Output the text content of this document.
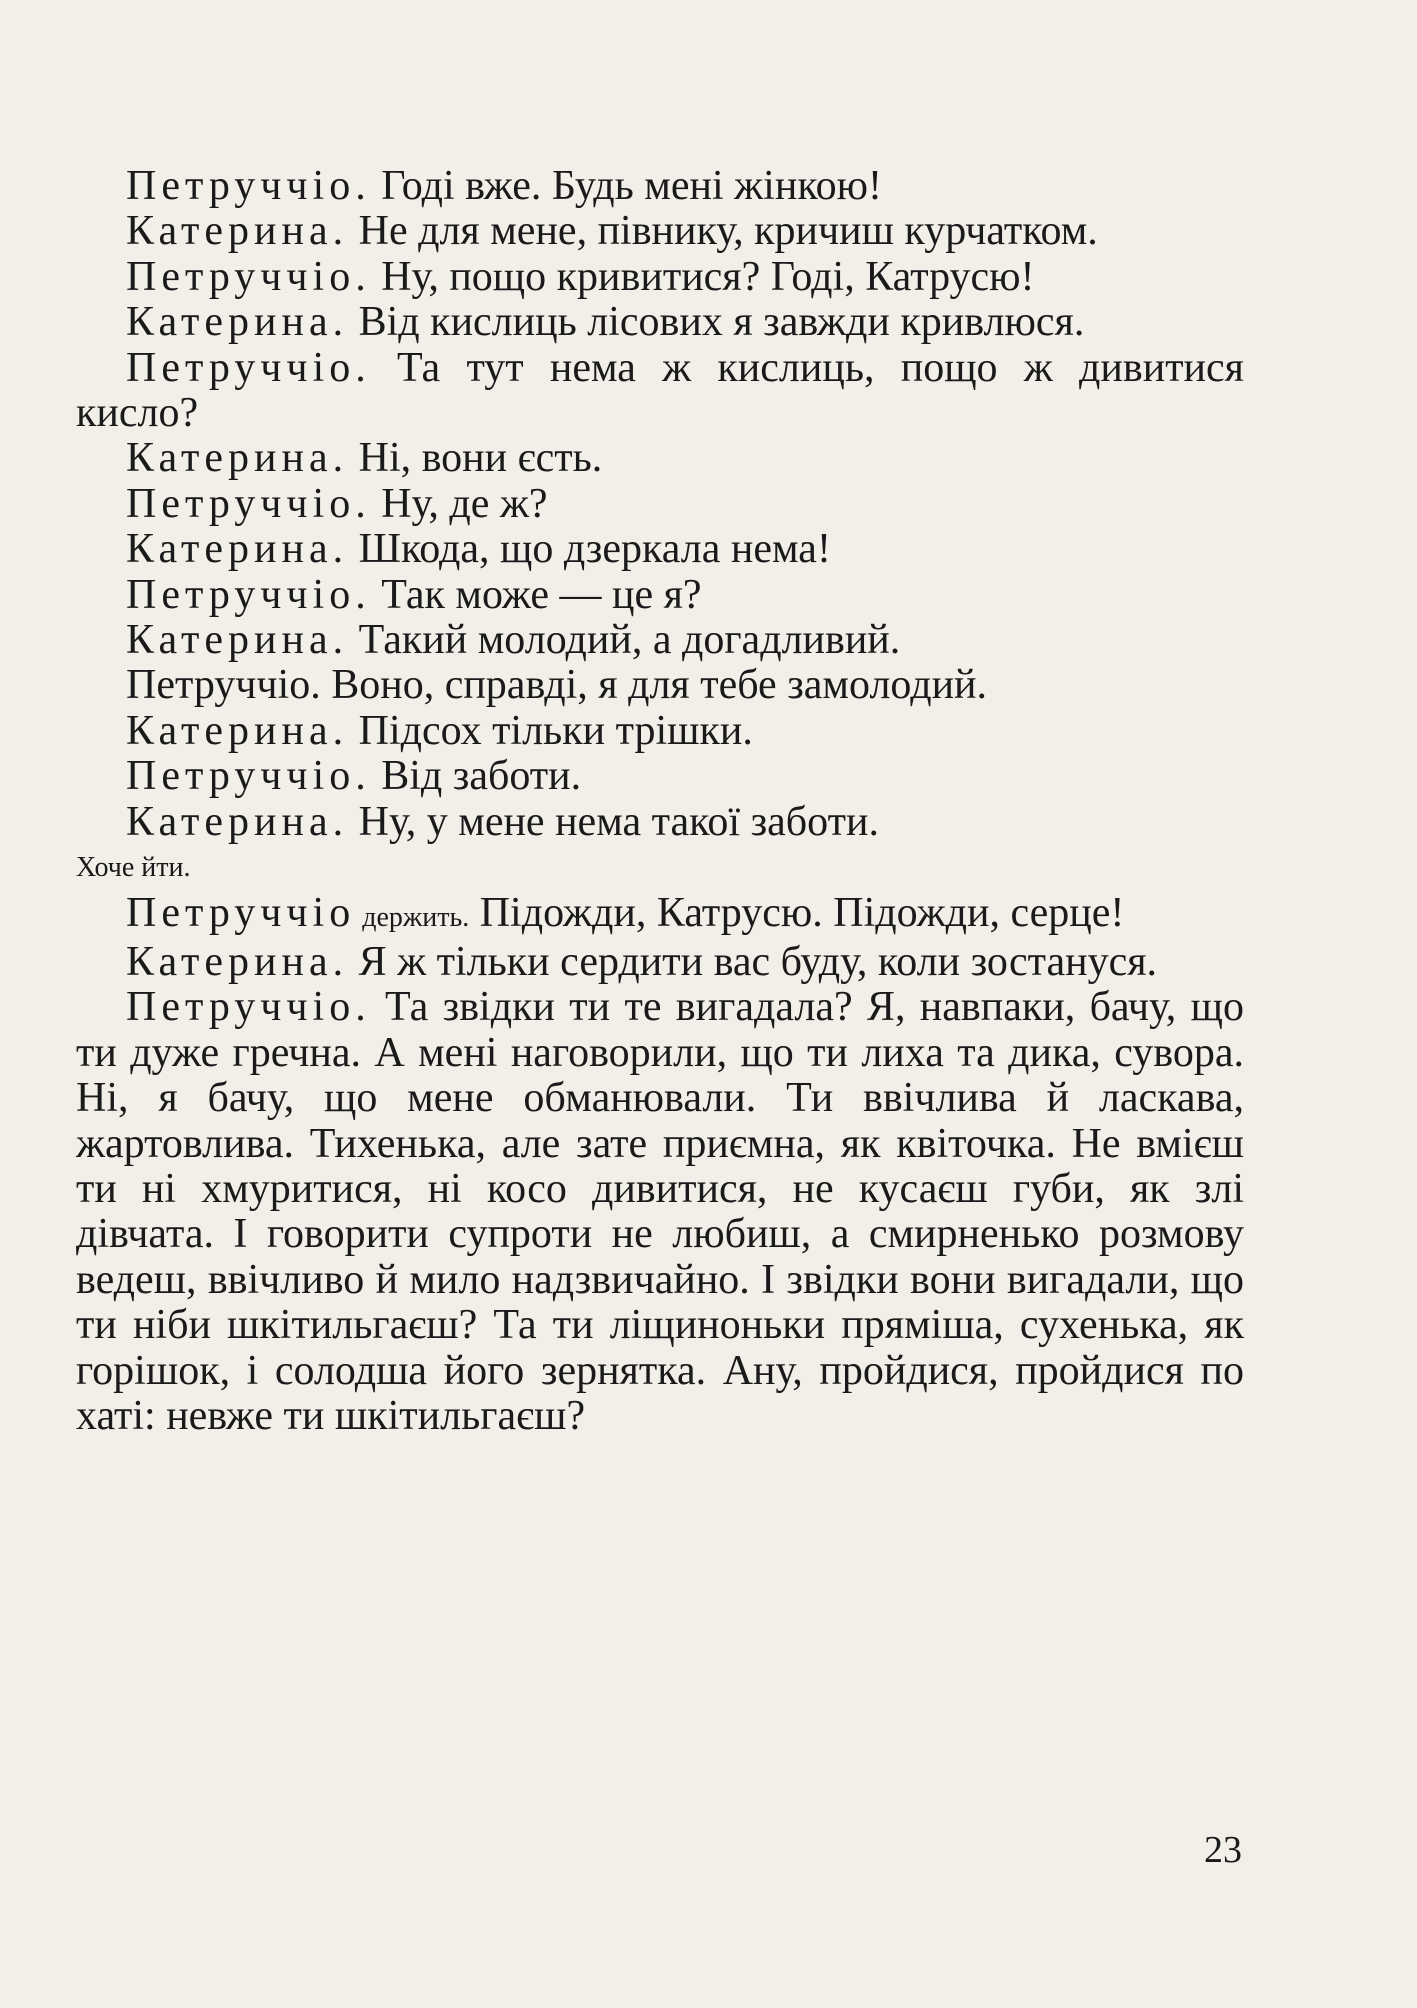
Петруччіо. Годі вже. Будь мені жінкою!

Катерина. Не для мене, півнику, кричиш курчатком.

Петруччіо. Ну, пощо кривитися? Годі, Катрусю!

Катерина. Від кислиць лісових я завжди кривлюся.

Петруччіо. Та тут нема ж кислиць, пощо ж дивитися кисло?

Катерина. Ні, вони єсть.

Петруччіо. Ну, де ж?

Катерина. Шкода, що дзеркала нема!

Петруччіо. Так може — це я?

Катерина. Такий молодий, а догадливий.

Петруччіо. Воно, справді, я для тебе замолодий.

Катерина. Підсох тільки трішки.

Петруччіо. Від заботи.

Катерина. Ну, у мене нема такої заботи.

Хоче йти.

Петруччіо держить. Підожди, Катрусю. Підожди, серце!

Катерина. Я ж тільки сердити вас буду, коли зостануся.

Петруччіо. Та звідки ти те вигадала? Я, навпаки, бачу, що ти дуже гречна. А мені наговорили, що ти лиха та дика, сувора. Ні, я бачу, що мене обманювали. Ти ввічлива й ласкава, жартовлива. Тихенька, але зате приємна, як квіточка. Не вмієш ти ні хмуритися, ні косо дивитися, не кусаєш губи, як злі дівчата. І говорити супроти не любиш, а смирненько розмову ведеш, ввічливо й мило надзвичайно. І звідки вони вигадали, що ти ніби шкітильгаєш? Та ти ліщиноньки пряміша, сухенька, як горішок, і солодша його зернятка. Ану, пройдися, пройдися по хаті: невже ти шкітильгаєш?

23
